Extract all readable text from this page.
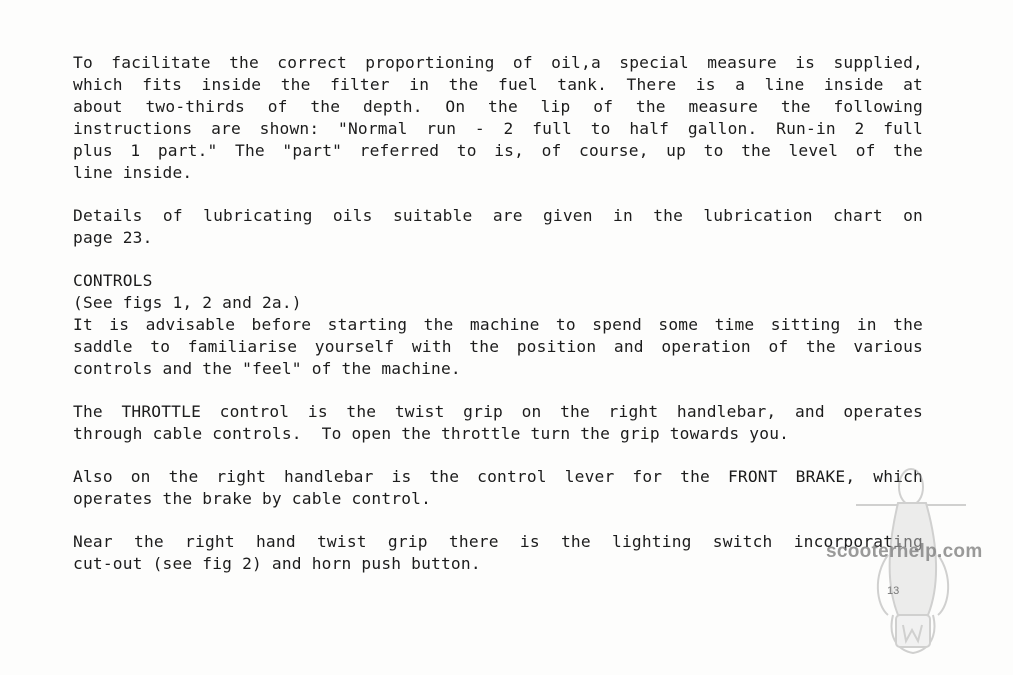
To facilitate the correct proportioning of oil,a special measure is supplied,
which fits inside the filter in the fuel tank. There is a line inside at
about two-thirds of the depth. On the lip of the measure the following
instructions are shown: "Normal run - 2 full to half gallon. Run-in 2 full
plus 1 part." The "part" referred to is, of course, up to the level of the
line inside.

Details of lubricating oils suitable are given in the lubrication chart on
page 23.

CONTROLS
(See figs 1, 2 and 2a.)
It is advisable before starting the machine to spend some time sitting in the
saddle to familiarise yourself with the position and operation of the various
controls and the "feel" of the machine.

The THROTTLE control is the twist grip on the right handlebar, and operates
through cable controls.  To open the throttle turn the grip towards you.

Also on the right handlebar is the control lever for the FRONT BRAKE, which
operates the brake by cable control.

Near the right hand twist grip there is the lighting switch incorporating
cut-out (see fig 2) and horn push button.

scooterhelp.com
13
